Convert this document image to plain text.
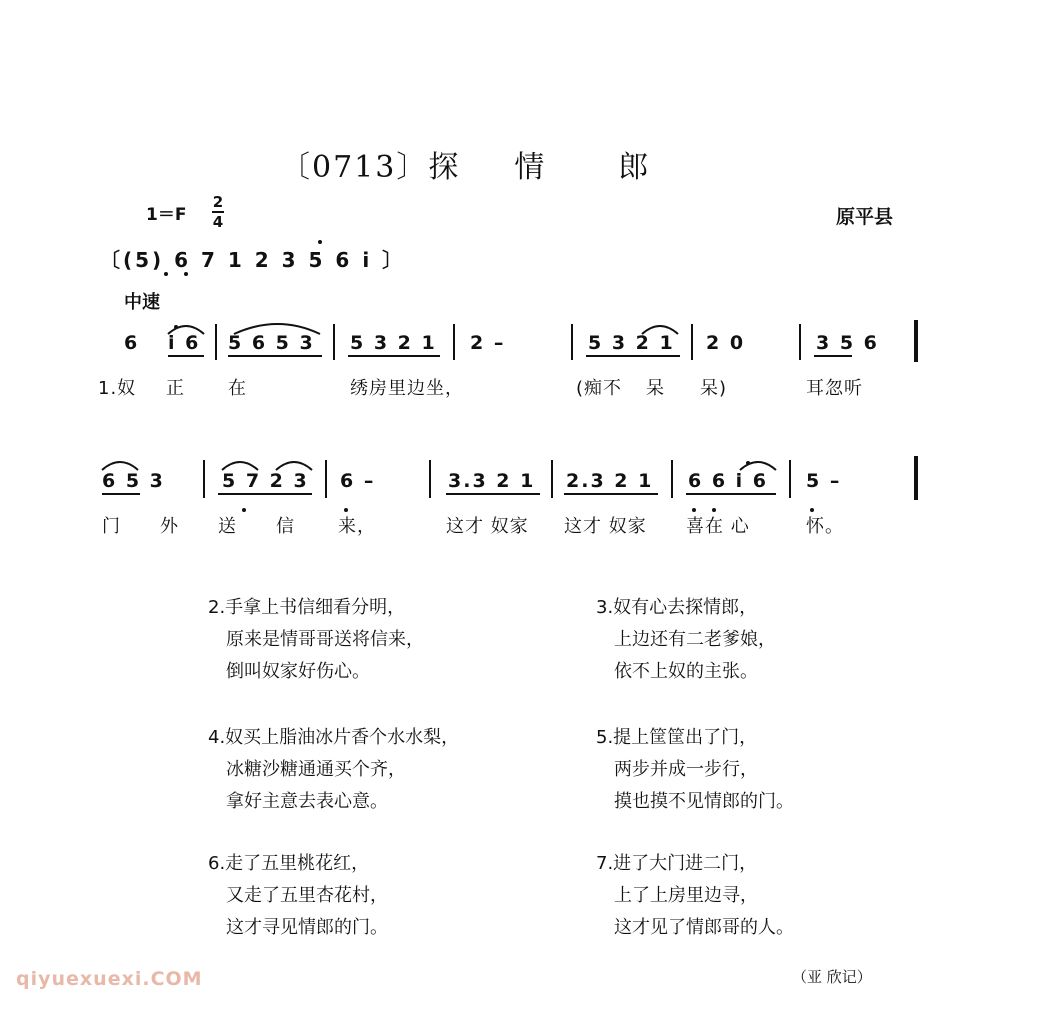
〔0713〕探 情 郎
1＝F
2
4	原平县
〔(5) 6 7 1 2 3 5 6 i 〕
中速
6 i 6 5 6 5 3 5 3 2 1 2 –	5 3 2 1 2 0	3 5 6
1.奴 正 在	绣房里边坐，	(痴不 呆 呆)	耳忽听
6 5 3	5 7 2 3 6 –	3.3 2 1 2.3 2 1 6 6 i 6 5 –
门 外 送 信 来，	这才 奴家 这才 奴家 喜在 心	怀。
2.手拿上书信细看分明，
原来是情哥哥送将信来，
倒叫奴家好伤心。
3.奴有心去探情郎，
上边还有二老爹娘，
依不上奴的主张。
4.奴买上脂油冰片香个水水梨，
冰糖沙糖通通买个齐，
拿好主意去表心意。
5.提上筐筐出了门，
两步并成一步行，
摸也摸不见情郎的门。
6.走了五里桃花红，
又走了五里杏花村，
这才寻见情郎的门。
7.进了大门进二门，
上了上房里边寻，
这才见了情郎哥的人。
（亚 欣记）
qiyuexuexi.COM
